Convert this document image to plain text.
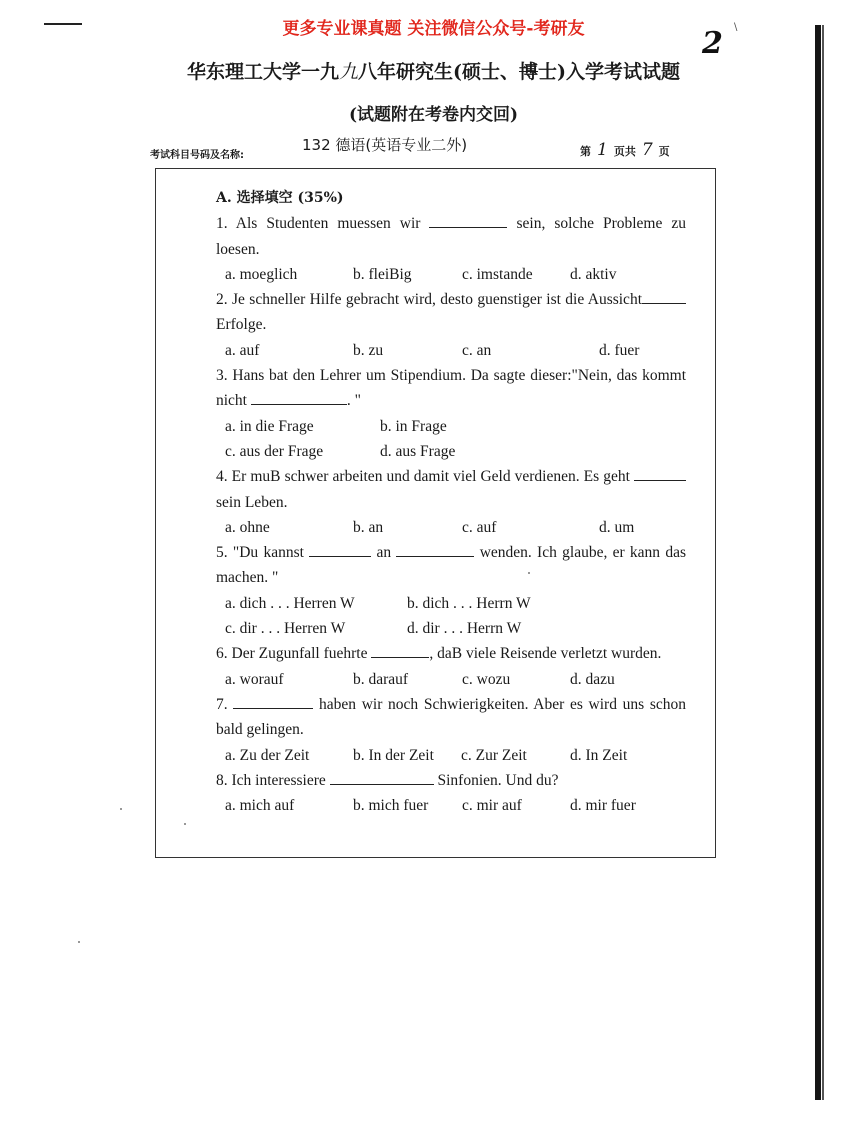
\
更多专业课真题 关注微信公众号-考研友	2
华东理工大学一九九八年研究生(硕士、博士)入学考试试题
(试题附在考卷内交回)
考试科目号码及名称:
132 德语(英语专业二外)	第 1 页共 7 页
A. 选择填空 (35%)
1. Als Studenten muessen wir	sein, solche Probleme zu loesen.
a. moeglich	b. fleiBig	c. imstande	d. aktiv
2. Je schneller Hilfe gebracht wird, desto guenstiger ist die Aussicht Erfolge.
a. auf	b. zu	c. an	d. fuer
3. Hans bat den Lehrer um Stipendium. Da sagte dieser:"Nein, das kommt nicht	. "
a. in die Frage	b. in Frage
c. aus der Frage	d. aus Frage
4. Er muB schwer arbeiten und damit viel Geld verdienen. Es geht  sein Leben.
a. ohne	b. an	c. auf	d. um
5. "Du kannst	an	wenden. Ich glaube, er kann das machen. "
a. dich . . . Herren W	b. dich . . . Herrn W
c. dir . . . Herren W	d. dir . . . Herrn W
6. Der Zugunfall fuehrte	, daB viele Reisende verletzt wurden.
a. worauf	b. darauf	c. wozu	d. dazu
7.	haben wir noch Schwierigkeiten. Aber es wird uns schon bald gelingen.
a. Zu der Zeit	b. In der Zeit	c. Zur Zeit	d. In Zeit
8. Ich interessiere	Sinfonien. Und du?
a. mich auf	b. mich fuer	c. mir auf	d. mir fuer
